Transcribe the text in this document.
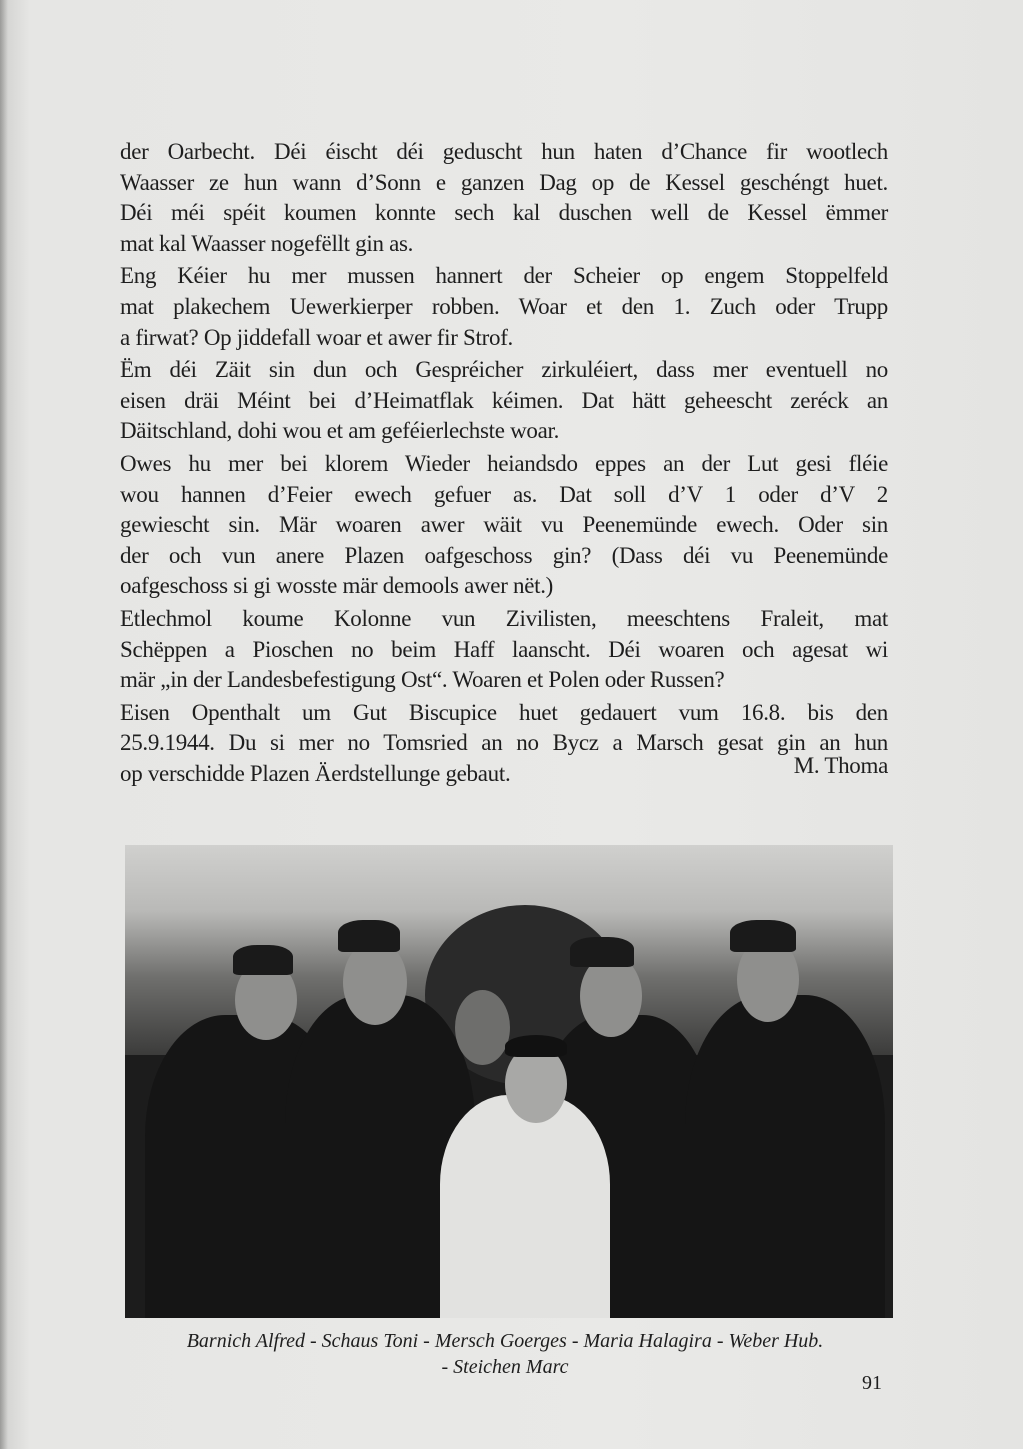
der Oarbecht. Déi éischt déi geduscht hun haten d’Chance fir wootlech
Waasser ze hun wann d’Sonn e ganzen Dag op de Kessel geschéngt huet.
Déi méi spéit koumen konnte sech kal duschen well de Kessel ëmmer
mat kal Waasser nogefëllt gin as.
Eng Kéier hu mer mussen hannert der Scheier op engem Stoppelfeld
mat plakechem Uewerkierper robben. Woar et den 1. Zuch oder Trupp
a firwat? Op jiddefall woar et awer fir Strof.
Ëm déi Zäit sin dun och Gespréicher zirkuléiert, dass mer eventuell no
eisen dräi Méint bei d’Heimatflak kéimen. Dat hätt geheescht zeréck an
Däitschland, dohi wou et am geféierlechste woar.
Owes hu mer bei klorem Wieder heiandsdo eppes an der Lut gesi fléie
wou hannen d’Feier ewech gefuer as. Dat soll d’V 1 oder d’V 2
gewiescht sin. Mär woaren awer wäit vu Peenemünde ewech. Oder sin
der och vun anere Plazen oafgeschoss gin? (Dass déi vu Peenemünde
oafgeschoss si gi wosste mär demools awer nët.)
Etlechmol koume Kolonne vun Zivilisten, meeschtens Fraleit, mat
Schëppen a Pioschen no beim Haff laanscht. Déi woaren och agesat wi
mär „in der Landesbefestigung Ost“. Woaren et Polen oder Russen?
Eisen Openthalt um Gut Biscupice huet gedauert vum 16.8. bis den
25.9.1944. Du si mer no Tomsried an no Bycz a Marsch gesat gin an hun
op verschidde Plazen Äerdstellunge gebaut.	M. Thoma
Barnich Alfred - Schaus Toni - Mersch Goerges - Maria Halagira - Weber Hub.
- Steichen Marc
91
